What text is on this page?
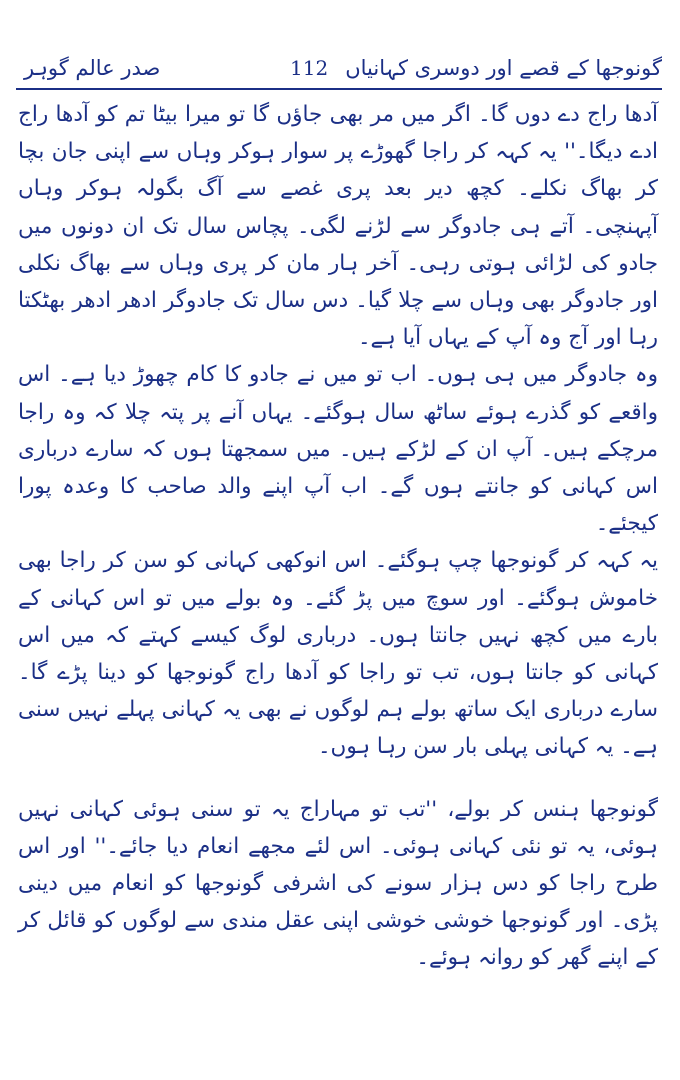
صدر عالم گوہر	112 گونوجھا کے قصے اور دوسری کہانیاں

آدھا راج دے دوں گا۔ اگر میں مر بھی جاؤں گا تو میرا بیٹا تم کو آدھا راج ادے دیگا۔'' یہ کہہ کر راجا گھوڑے پر سوار ہوکر وہاں سے اپنی جان بچا کر بھاگ نکلے۔ کچھ دیر بعد پری غصے سے آگ بگولہ ہوکر وہاں آپہنچی۔ آتے ہی جادوگر سے لڑنے لگی۔ پچاس سال تک ان دونوں میں جادو کی لڑائی ہوتی رہی۔ آخر ہار مان کر پری وہاں سے بھاگ نکلی اور جادوگر بھی وہاں سے چلا گیا۔ دس سال تک جادوگر ادھر ادھر بھٹکتا رہا اور آج وہ آپ کے یہاں آیا ہے۔

وہ جادوگر میں ہی ہوں۔ اب تو میں نے جادو کا کام چھوڑ دیا ہے۔ اس واقعے کو گذرے ہوئے ساٹھ سال ہوگئے۔ یہاں آنے پر پتہ چلا کہ وہ راجا مرچکے ہیں۔ آپ ان کے لڑکے ہیں۔ میں سمجھتا ہوں کہ سارے درباری اس کہانی کو جانتے ہوں گے۔ اب آپ اپنے والد صاحب کا وعدہ پورا کیجئے۔

یہ کہہ کر گونوجھا چپ ہوگئے۔ اس انوکھی کہانی کو سن کر راجا بھی خاموش ہوگئے۔ اور سوچ میں پڑ گئے۔ وہ بولے میں تو اس کہانی کے بارے میں کچھ نہیں جانتا ہوں۔ درباری لوگ کیسے کہتے کہ میں اس کہانی کو جانتا ہوں، تب تو راجا کو آدھا راج گونوجھا کو دینا پڑے گا۔ سارے درباری ایک ساتھ بولے ہم لوگوں نے بھی یہ کہانی پہلے نہیں سنی ہے۔ یہ کہانی پہلی بار سن رہا ہوں۔

گونوجھا ہنس کر بولے، ''تب تو مہاراج یہ تو سنی ہوئی کہانی نہیں ہوئی، یہ تو نئی کہانی ہوئی۔ اس لئے مجھے انعام دیا جائے۔'' اور اس طرح راجا کو دس ہزار سونے کی اشرفی گونوجھا کو انعام میں دینی پڑی۔ اور گونوجھا خوشی خوشی اپنی عقل مندی سے لوگوں کو قائل کر کے اپنے گھر کو روانہ ہوئے۔
